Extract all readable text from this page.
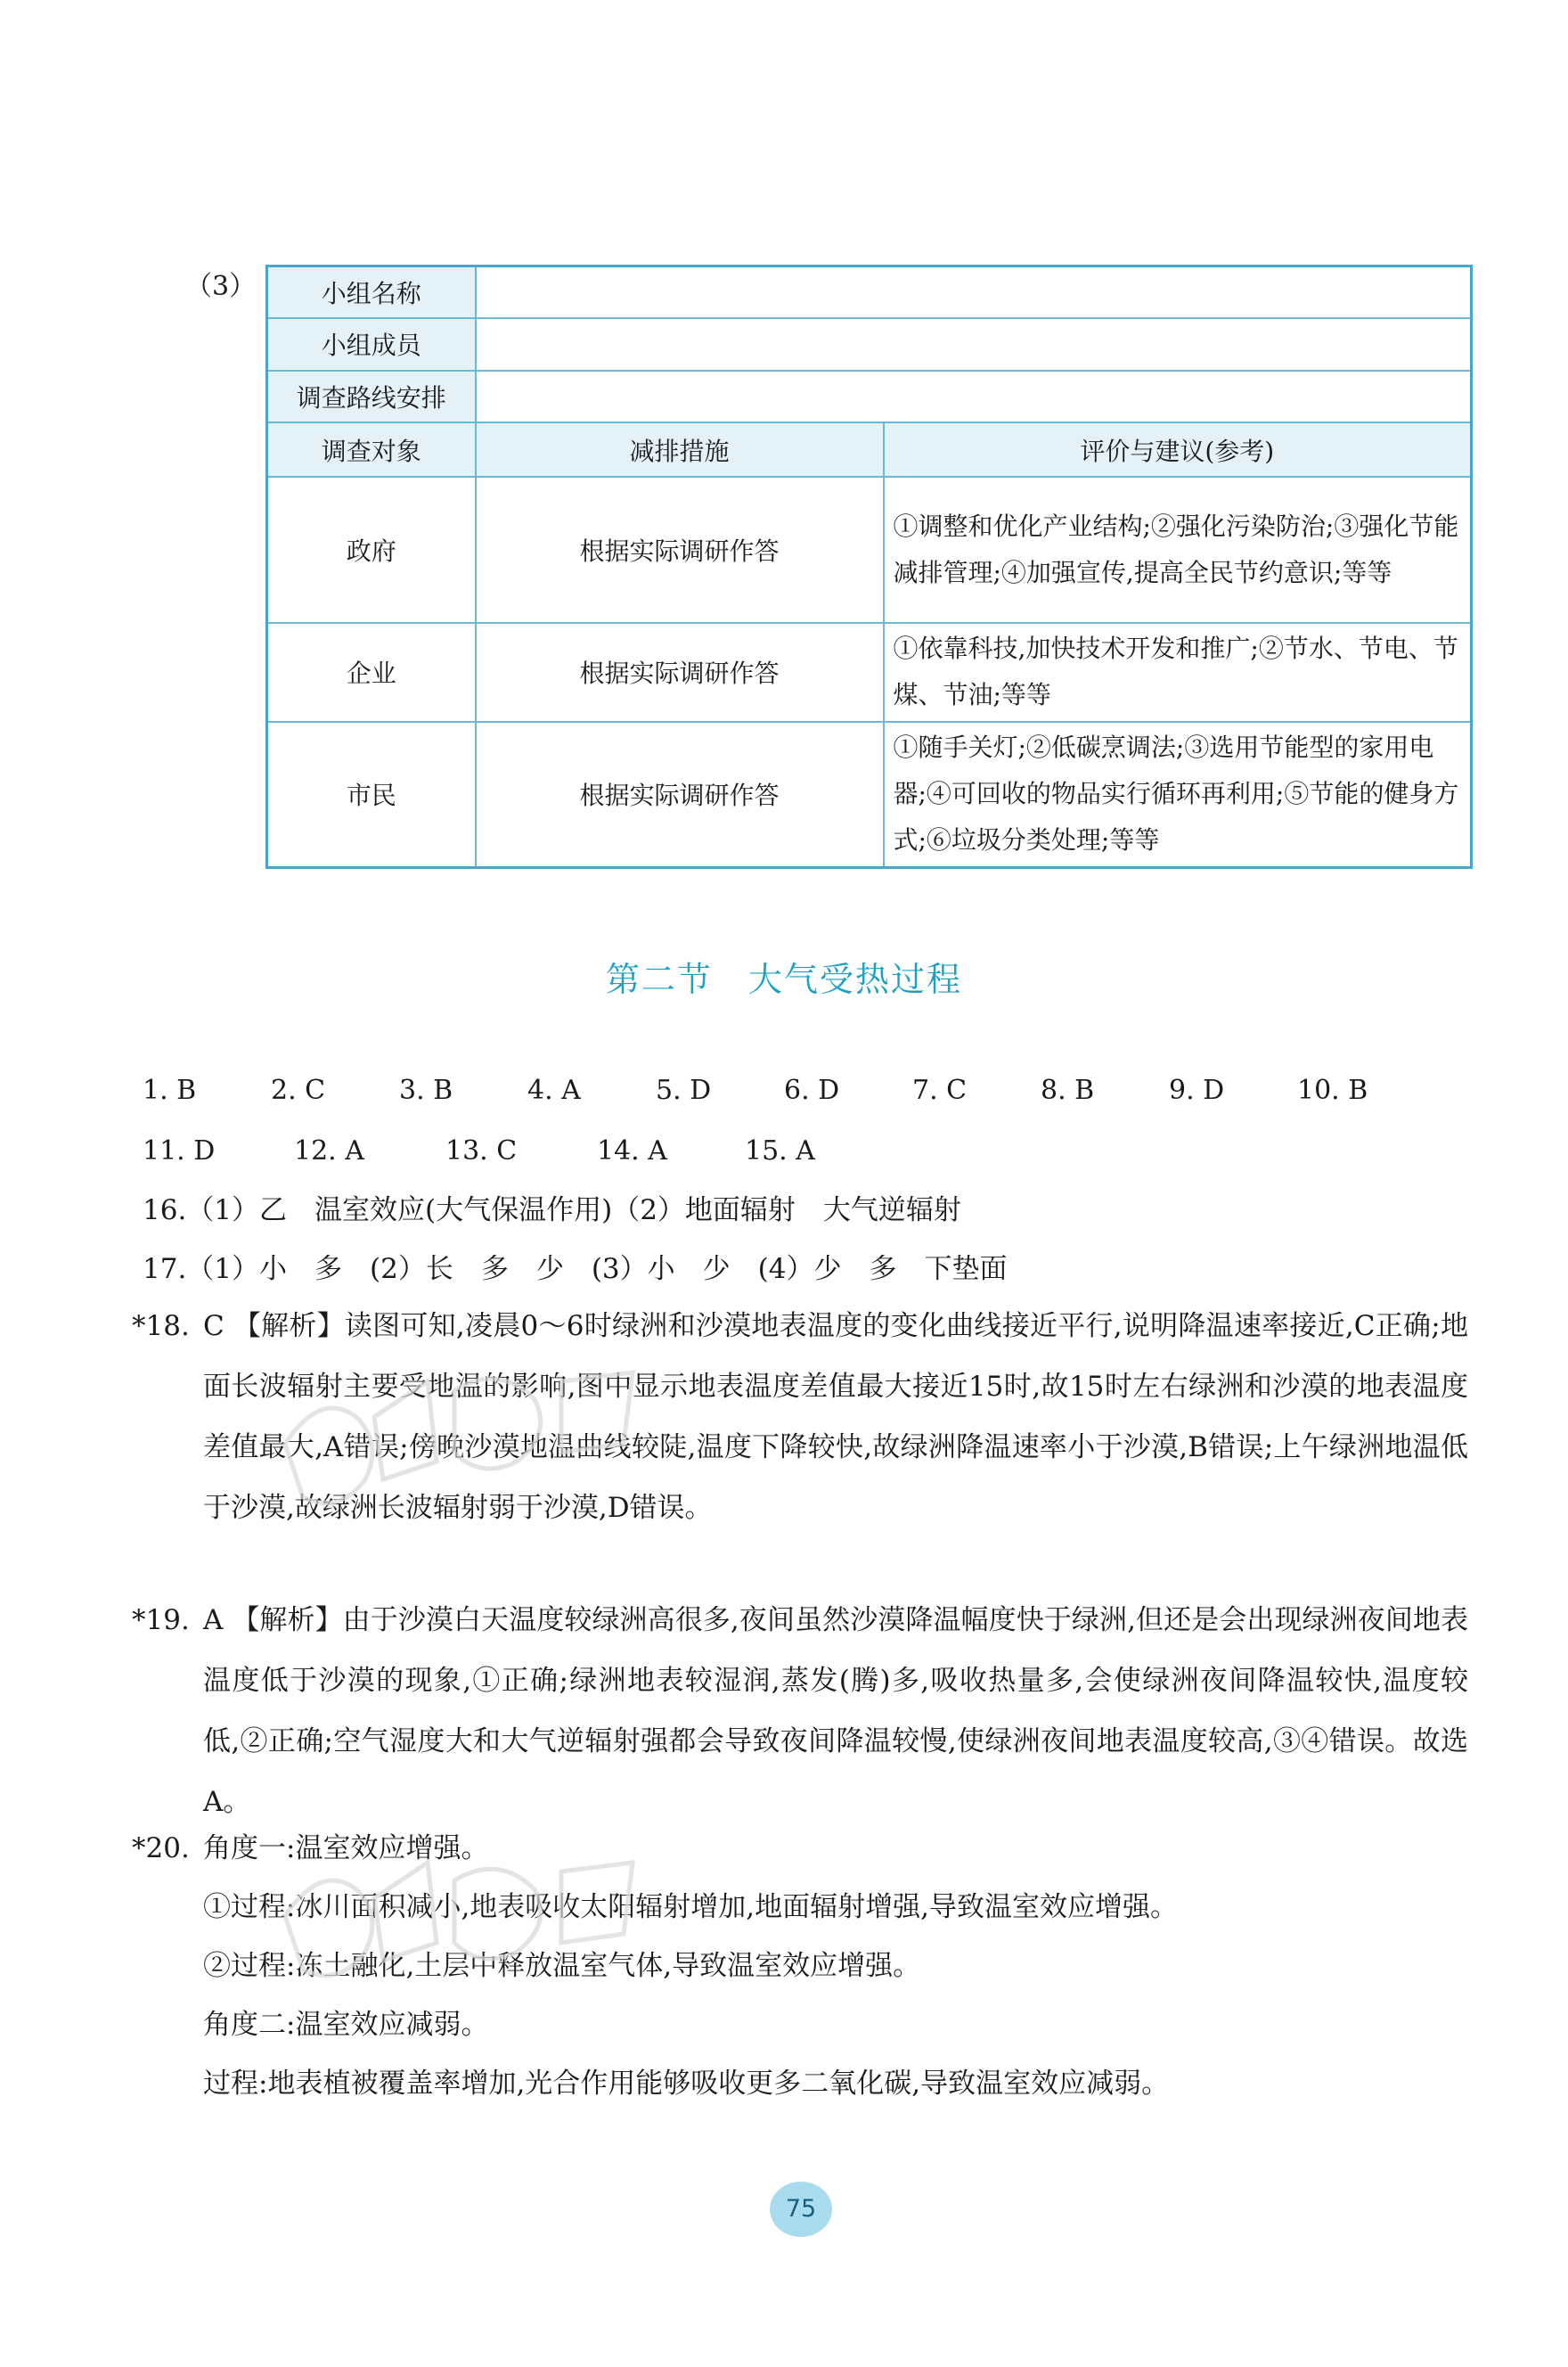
（3）	小组名称		
小组成员		
调查路线安排		
调查对象	减排措施	评价与建议(参考)
政府	根据实际调研作答	①调整和优化产业结构;②强化污染防治;③强化节能减排管理;④加强宣传,提高全民节约意识;等等
企业	根据实际调研作答	①依靠科技,加快技术开发和推广;②节水、节电、节煤、节油;等等
市民	根据实际调研作答	①随手关灯;②低碳烹调法;③选用节能型的家用电器;④可回收的物品实行循环再利用;⑤节能的健身方式;⑥垃圾分类处理;等等
第二节　大气受热过程
1. B	2. C	3. B	4. A	5. D	6. D	7. C	8. B	9. D	10. B
11. D	12. A	13. C	14. A	15. A
16.（1）乙　温室效应(大气保温作用)（2）地面辐射　大气逆辐射
17.（1）小　多　(2）长　多　少　(3）小　少　(4）少　多　下垫面
*18. C 【解析】读图可知,凌晨0～6时绿洲和沙漠地表温度的变化曲线接近平行,说明降温速率接近,C正确;地面长波辐射主要受地温的影响,图中显示地表温度差值最大接近15时,故15时左右绿洲和沙漠的地表温度差值最大,A错误;傍晚沙漠地温曲线较陡,温度下降较快,故绿洲降温速率小于沙漠,B错误;上午绿洲地温低于沙漠,故绿洲长波辐射弱于沙漠,D错误。
*19. A 【解析】由于沙漠白天温度较绿洲高很多,夜间虽然沙漠降温幅度快于绿洲,但还是会出现绿洲夜间地表温度低于沙漠的现象,①正确;绿洲地表较湿润,蒸发(腾)多,吸收热量多,会使绿洲夜间降温较快,温度较低,②正确;空气湿度大和大气逆辐射强都会导致夜间降温较慢,使绿洲夜间地表温度较高,③④错误。故选A。
*20. 角度一:温室效应增强。
①过程:冰川面积减小,地表吸收太阳辐射增加,地面辐射增强,导致温室效应增强。
②过程:冻土融化,土层中释放温室气体,导致温室效应增强。
角度二:温室效应减弱。
过程:地表植被覆盖率增加,光合作用能够吸收更多二氧化碳,导致温室效应减弱。
75
